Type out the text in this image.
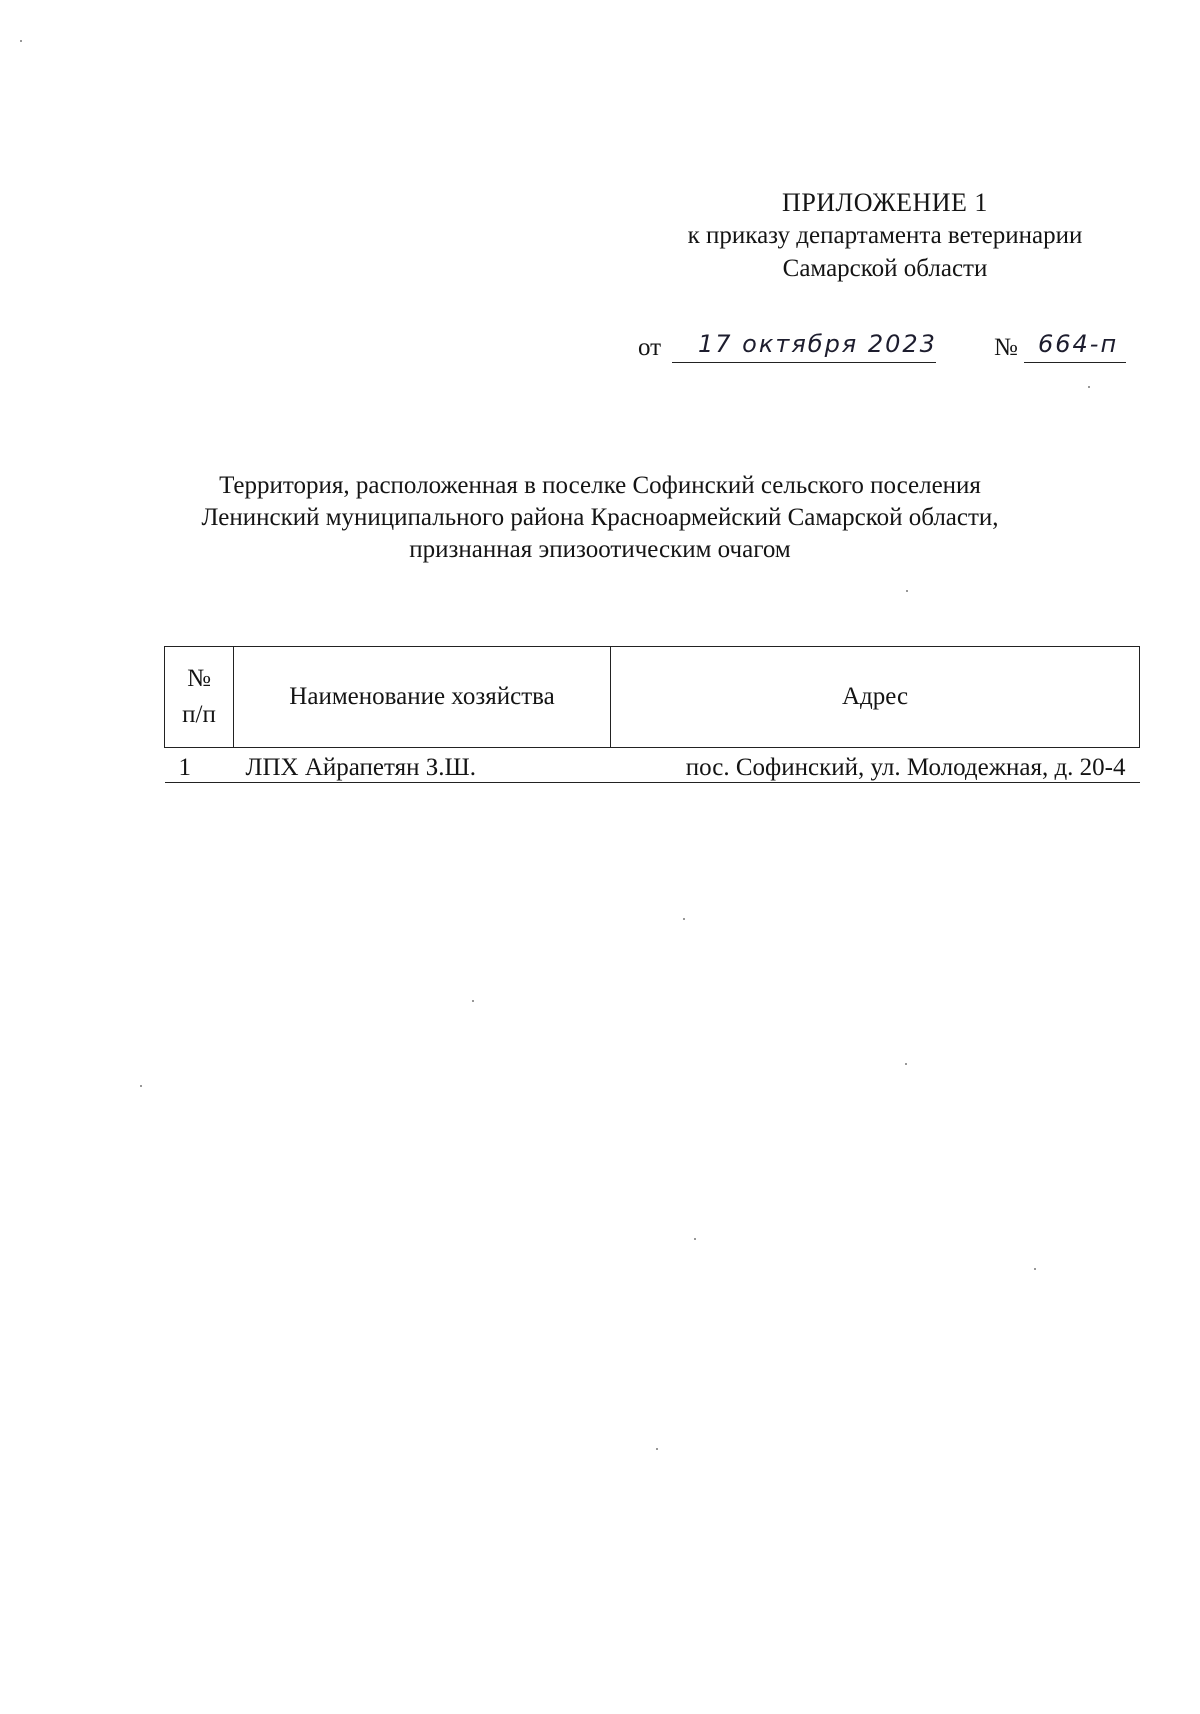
ПРИЛОЖЕНИЕ 1
к приказу департамента ветеринарии
Самарской области
от 17 октября 2023 № 664-п
Территория, расположенная в поселке Софинский сельского поселения
Ленинский муниципального района Красноармейский Самарской области,
признанная эпизоотическим очагом
№
п/п	Наименование хозяйства	Адрес
1	ЛПХ Айрапетян З.Ш.	пос. Софинский, ул. Молодежная, д. 20-4
